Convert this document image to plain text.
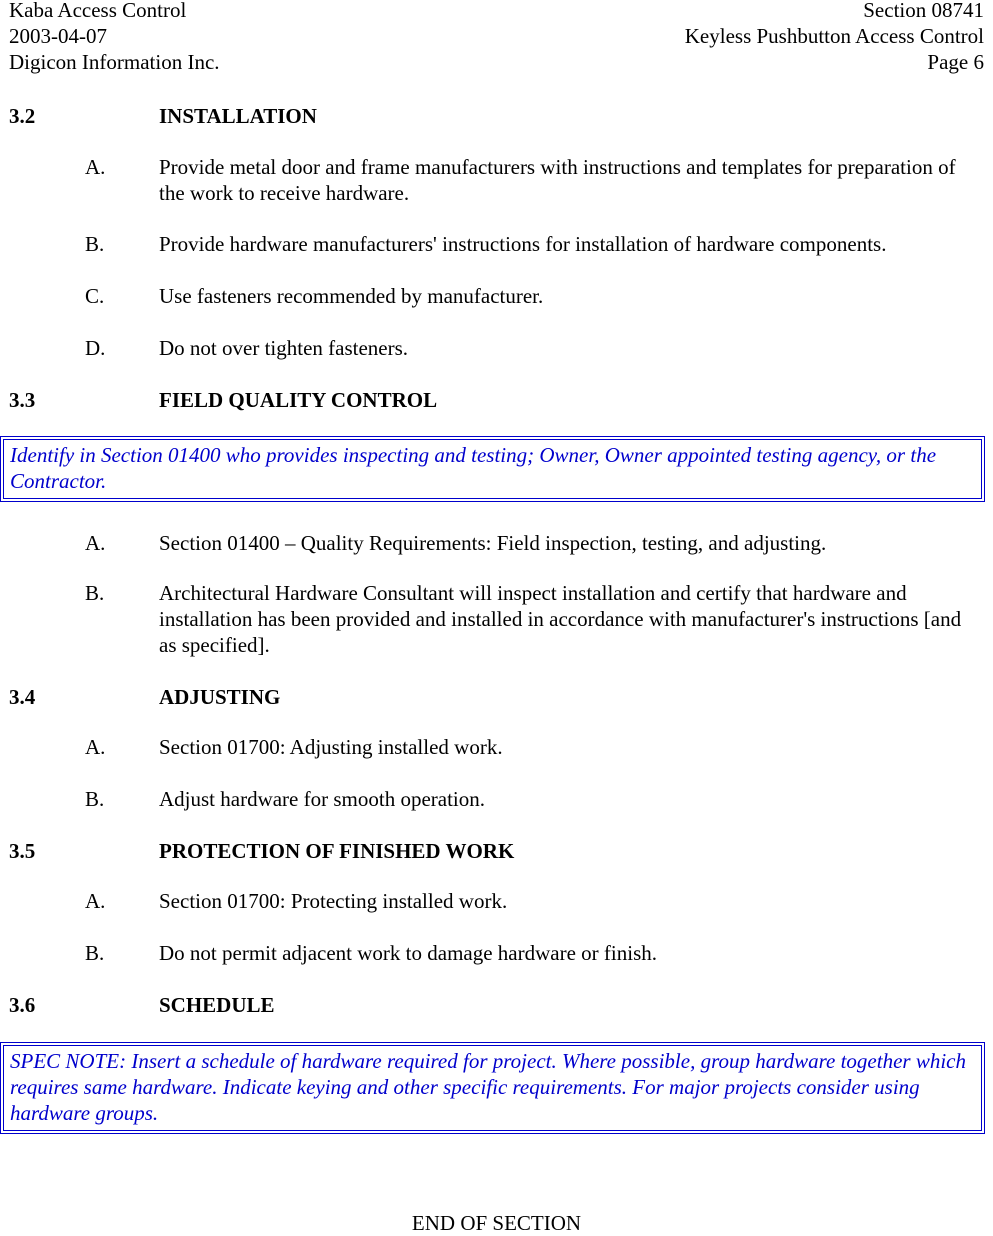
Kaba Access Control	Section 08741
2003-04-07	Keyless Pushbutton Access Control
Digicon Information Inc.	Page 6
3.2	INSTALLATION
A.	Provide metal door and frame manufacturers with instructions and templates for preparation of the work to receive hardware.
B.	Provide hardware manufacturers' instructions for installation of hardware components.
C.	Use fasteners recommended by manufacturer.
D.	Do not over tighten fasteners.
3.3	FIELD QUALITY CONTROL
Identify in Section 01400 who provides inspecting and testing; Owner, Owner appointed testing agency, or the Contractor.
A.	Section 01400 – Quality Requirements: Field inspection, testing, and adjusting.
B.	Architectural Hardware Consultant will inspect installation and certify that hardware and installation has been provided and installed in accordance with manufacturer's instructions [and as specified].
3.4	ADJUSTING
A.	Section 01700: Adjusting installed work.
B.	Adjust hardware for smooth operation.
3.5	PROTECTION OF FINISHED WORK
A.	Section 01700: Protecting installed work.
B.	Do not permit adjacent work to damage hardware or finish.
3.6	SCHEDULE
SPEC NOTE: Insert a schedule of hardware required for project. Where possible, group hardware together which requires same hardware. Indicate keying and other specific requirements. For major projects consider using hardware groups.
END OF SECTION
